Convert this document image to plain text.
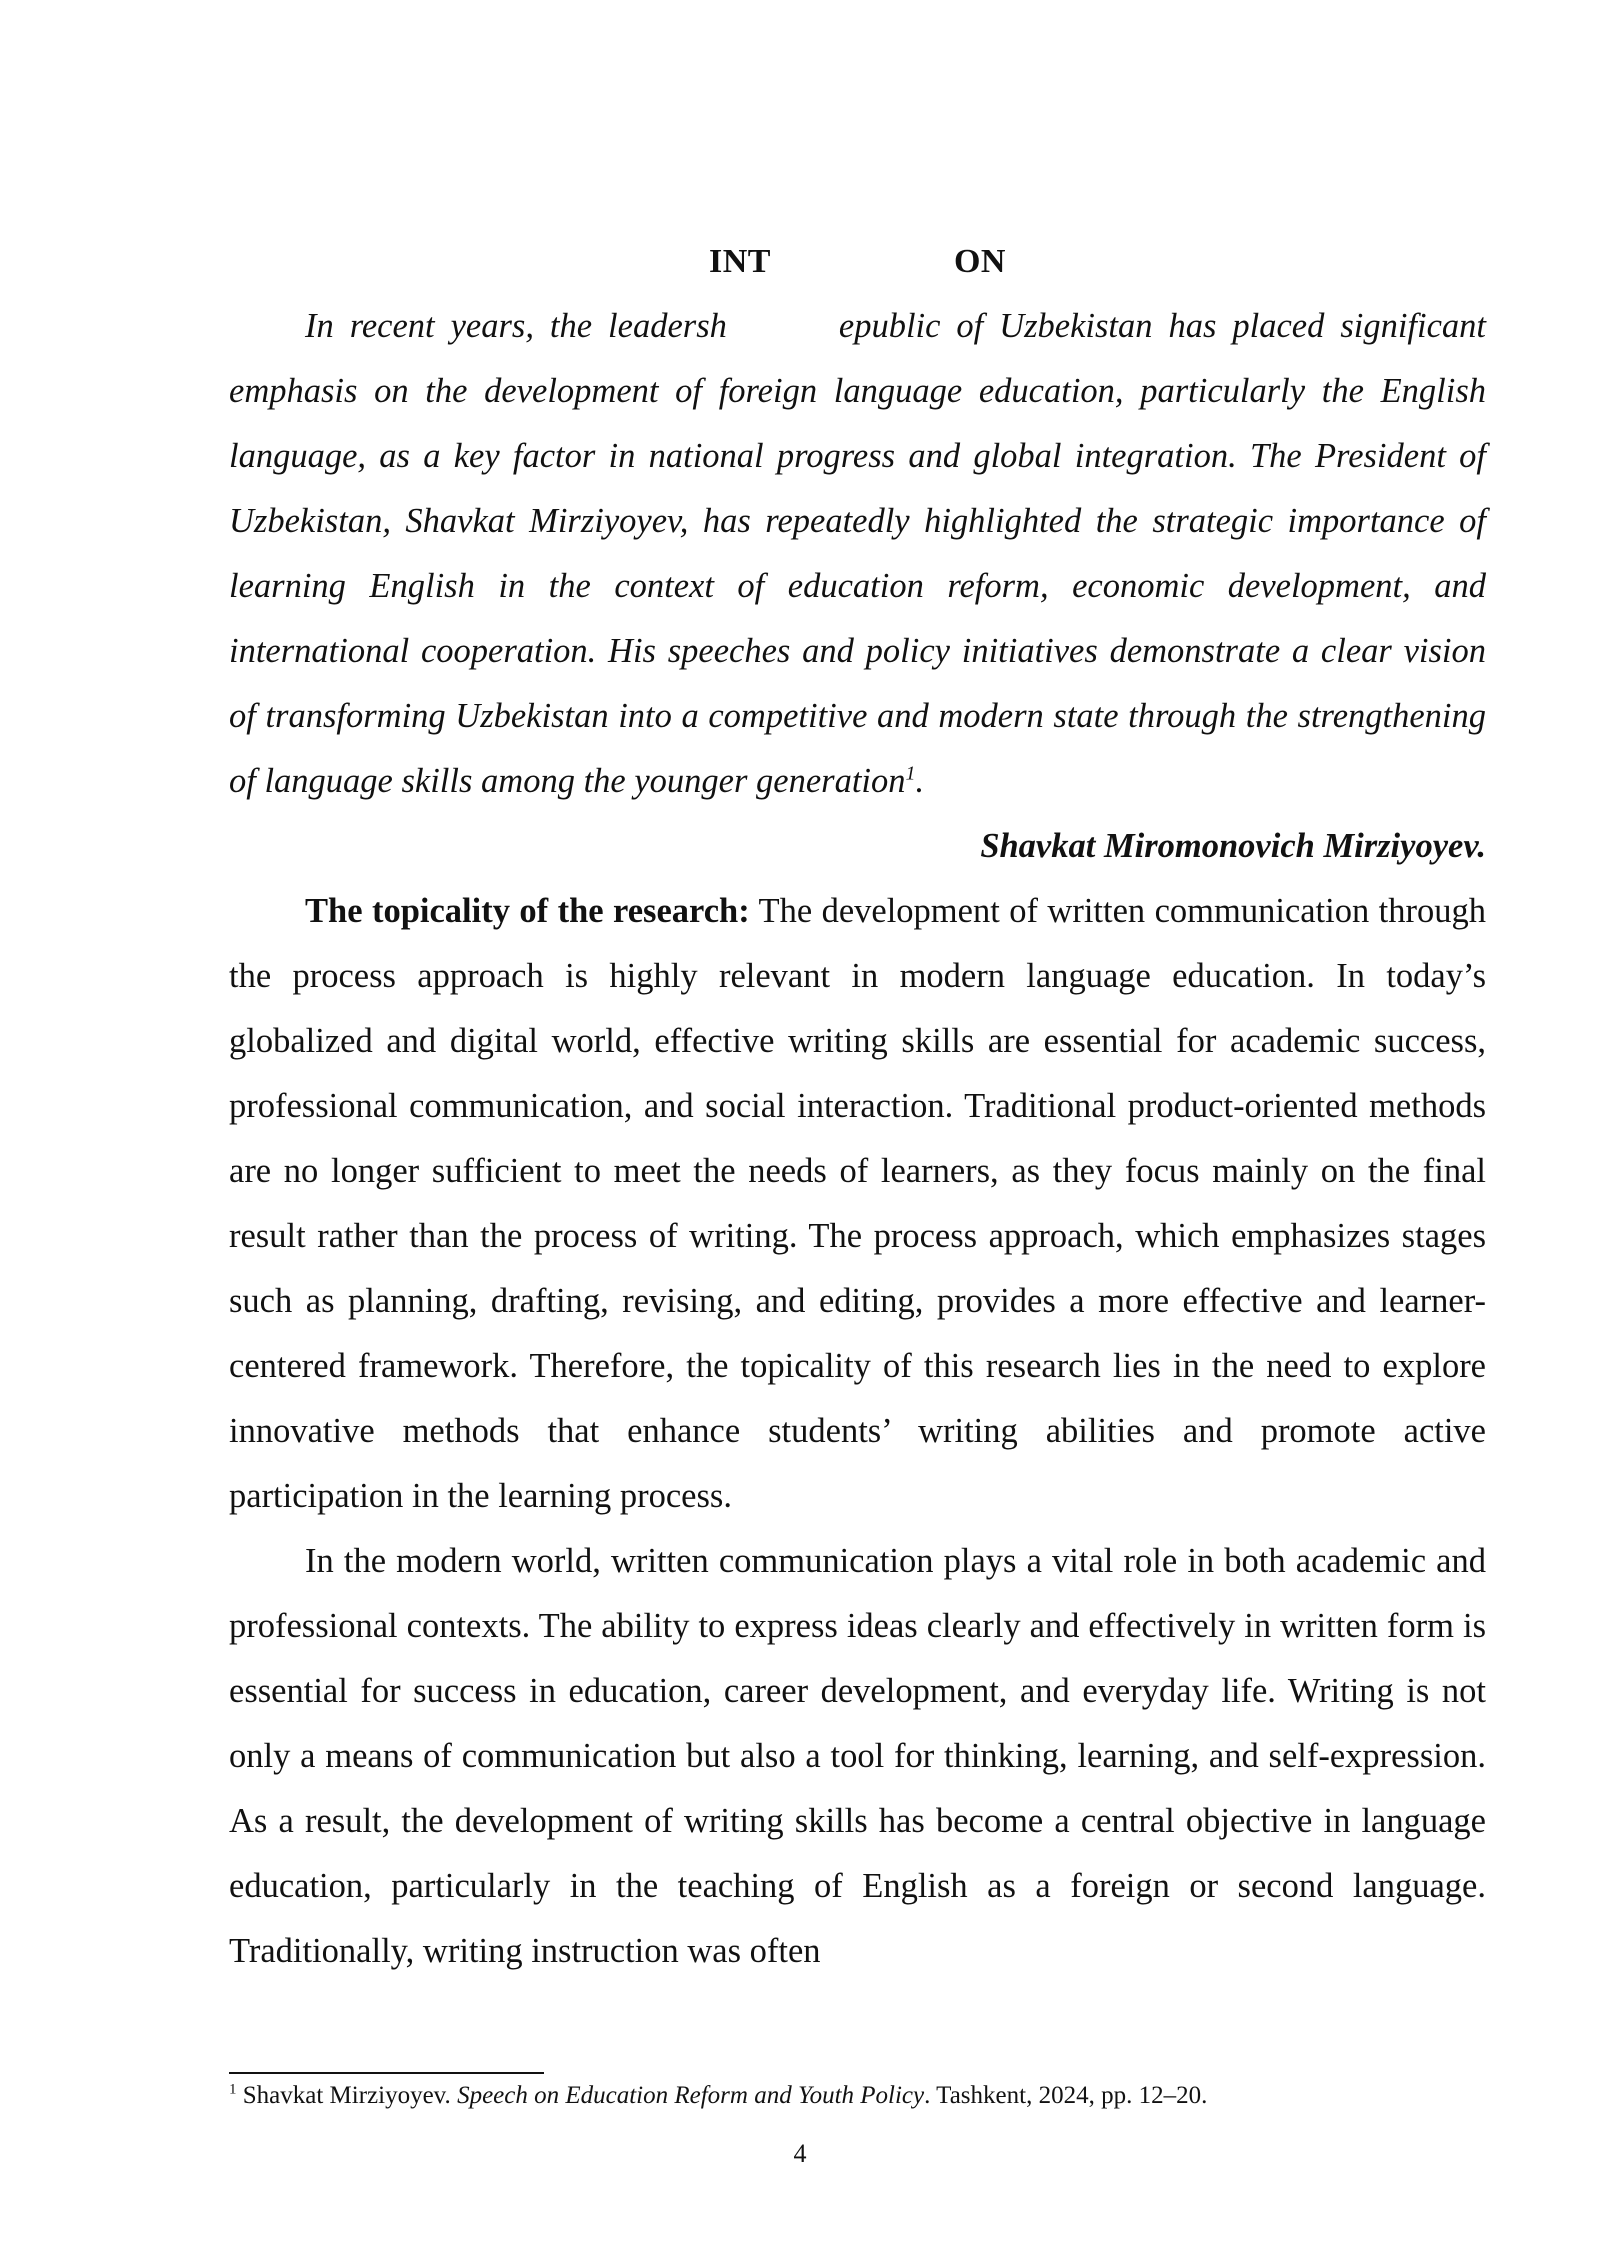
INT	ON

In recent years, the leadersh	epublic of Uzbekistan has placed significant emphasis on the development of foreign language education, particularly the English language, as a key factor in national progress and global integration. The President of Uzbekistan, Shavkat Mirziyoyev, has repeatedly highlighted the strategic importance of learning English in the context of education reform, economic development, and international cooperation. His speeches and policy initiatives demonstrate a clear vision of transforming Uzbekistan into a competitive and modern state through the strengthening of language skills among the younger generation$^1$.

Shavkat Miromonovich Mirziyoyev.

The topicality of the research: The development of written communication through the process approach is highly relevant in modern language education. In today’s globalized and digital world, effective writing skills are essential for academic success, professional communication, and social interaction. Traditional product-oriented methods are no longer sufficient to meet the needs of learners, as they focus mainly on the final result rather than the process of writing. The process approach, which emphasizes stages such as planning, drafting, revising, and editing, provides a more effective and learner-centered framework. Therefore, the topicality of this research lies in the need to explore innovative methods that enhance students’ writing abilities and promote active participation in the learning process.

In the modern world, written communication plays a vital role in both academic and professional contexts. The ability to express ideas clearly and effectively in written form is essential for success in education, career development, and everyday life. Writing is not only a means of communication but also a tool for thinking, learning, and self-expression. As a result, the development of writing skills has become a central objective in language education, particularly in the teaching of English as a foreign or second language. Traditionally, writing instruction was often

$^1$ Shavkat Mirziyoyev. Speech on Education Reform and Youth Policy. Tashkent, 2024, pp. 12–20.
4
